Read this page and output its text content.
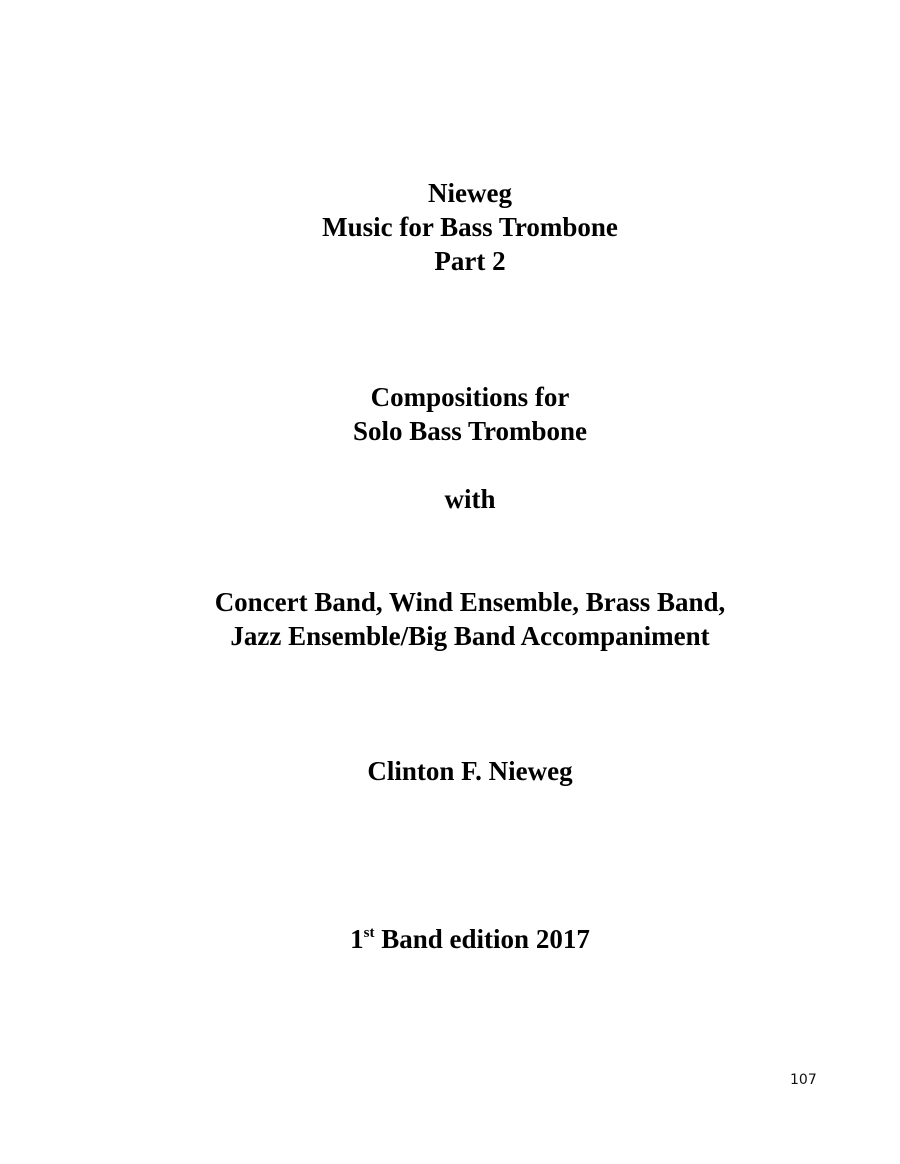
Nieweg
Music for Bass Trombone
Part 2
Compositions for
Solo Bass Trombone
with
Concert Band, Wind Ensemble, Brass Band,
Jazz Ensemble/Big Band Accompaniment
Clinton F. Nieweg
1st Band edition 2017
107
